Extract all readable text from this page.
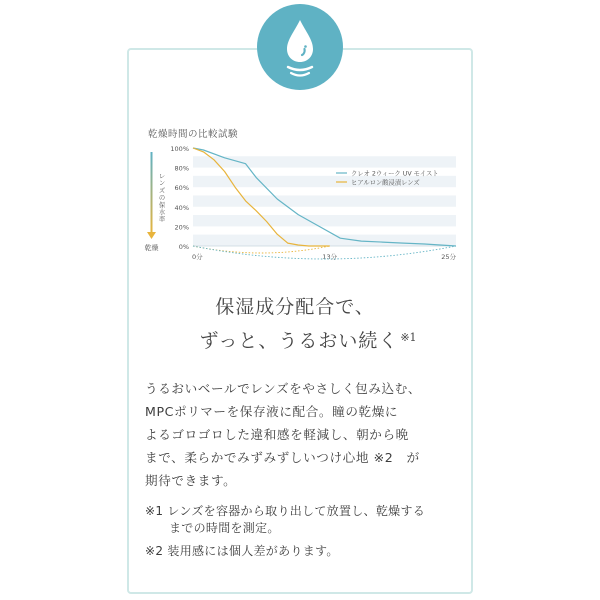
乾燥時間の比較試験
100%
80%
60%
40%
20%
0%
0分	13分	25分
クレオ 2ウィーク UV モイスト
ヒアルロン酸浸漬レンズ
レ
ン
ズ
の
保
水
率
乾燥
保湿成分配合で、
ずっと、うるおい続く $^{※1}$
うるおいベールでレンズをやさしく包み込む、
MPCポリマーを保存液に配合。瞳の乾燥に
よるゴロゴロした違和感を軽減し、朝から晩
まで、柔らかでみずみずしいつけ心地 ※2　が
期待できます。
※1 レンズを容器から取り出して放置し、乾燥する
までの時間を測定。
※2 装用感には個人差があります。
